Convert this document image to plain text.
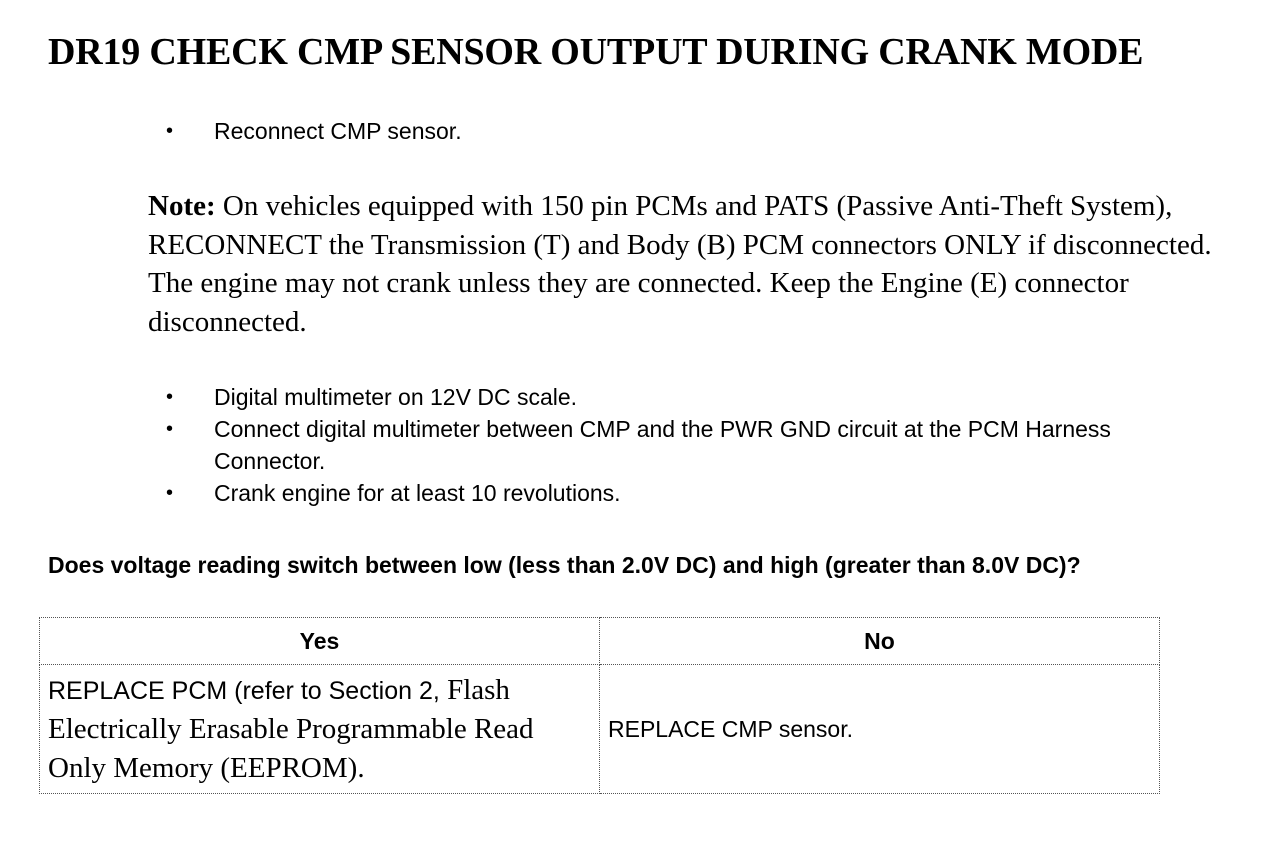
DR19 CHECK CMP SENSOR OUTPUT DURING CRANK MODE
• Reconnect CMP sensor.

Note: On vehicles equipped with 150 pin PCMs and PATS (Passive Anti-Theft System), RECONNECT the Transmission (T) and Body (B) PCM connectors ONLY if disconnected. The engine may not crank unless they are connected. Keep the Engine (E) connector disconnected.

• Digital multimeter on 12V DC scale.
• Connect digital multimeter between CMP and the PWR GND circuit at the PCM Harness Connector.
• Crank engine for at least 10 revolutions.

Does voltage reading switch between low (less than 2.0V DC) and high (greater than 8.0V DC)?

Yes	No
REPLACE PCM (refer to Section 2, Flash Electrically Erasable Programmable Read Only Memory (EEPROM).	REPLACE CMP sensor.
